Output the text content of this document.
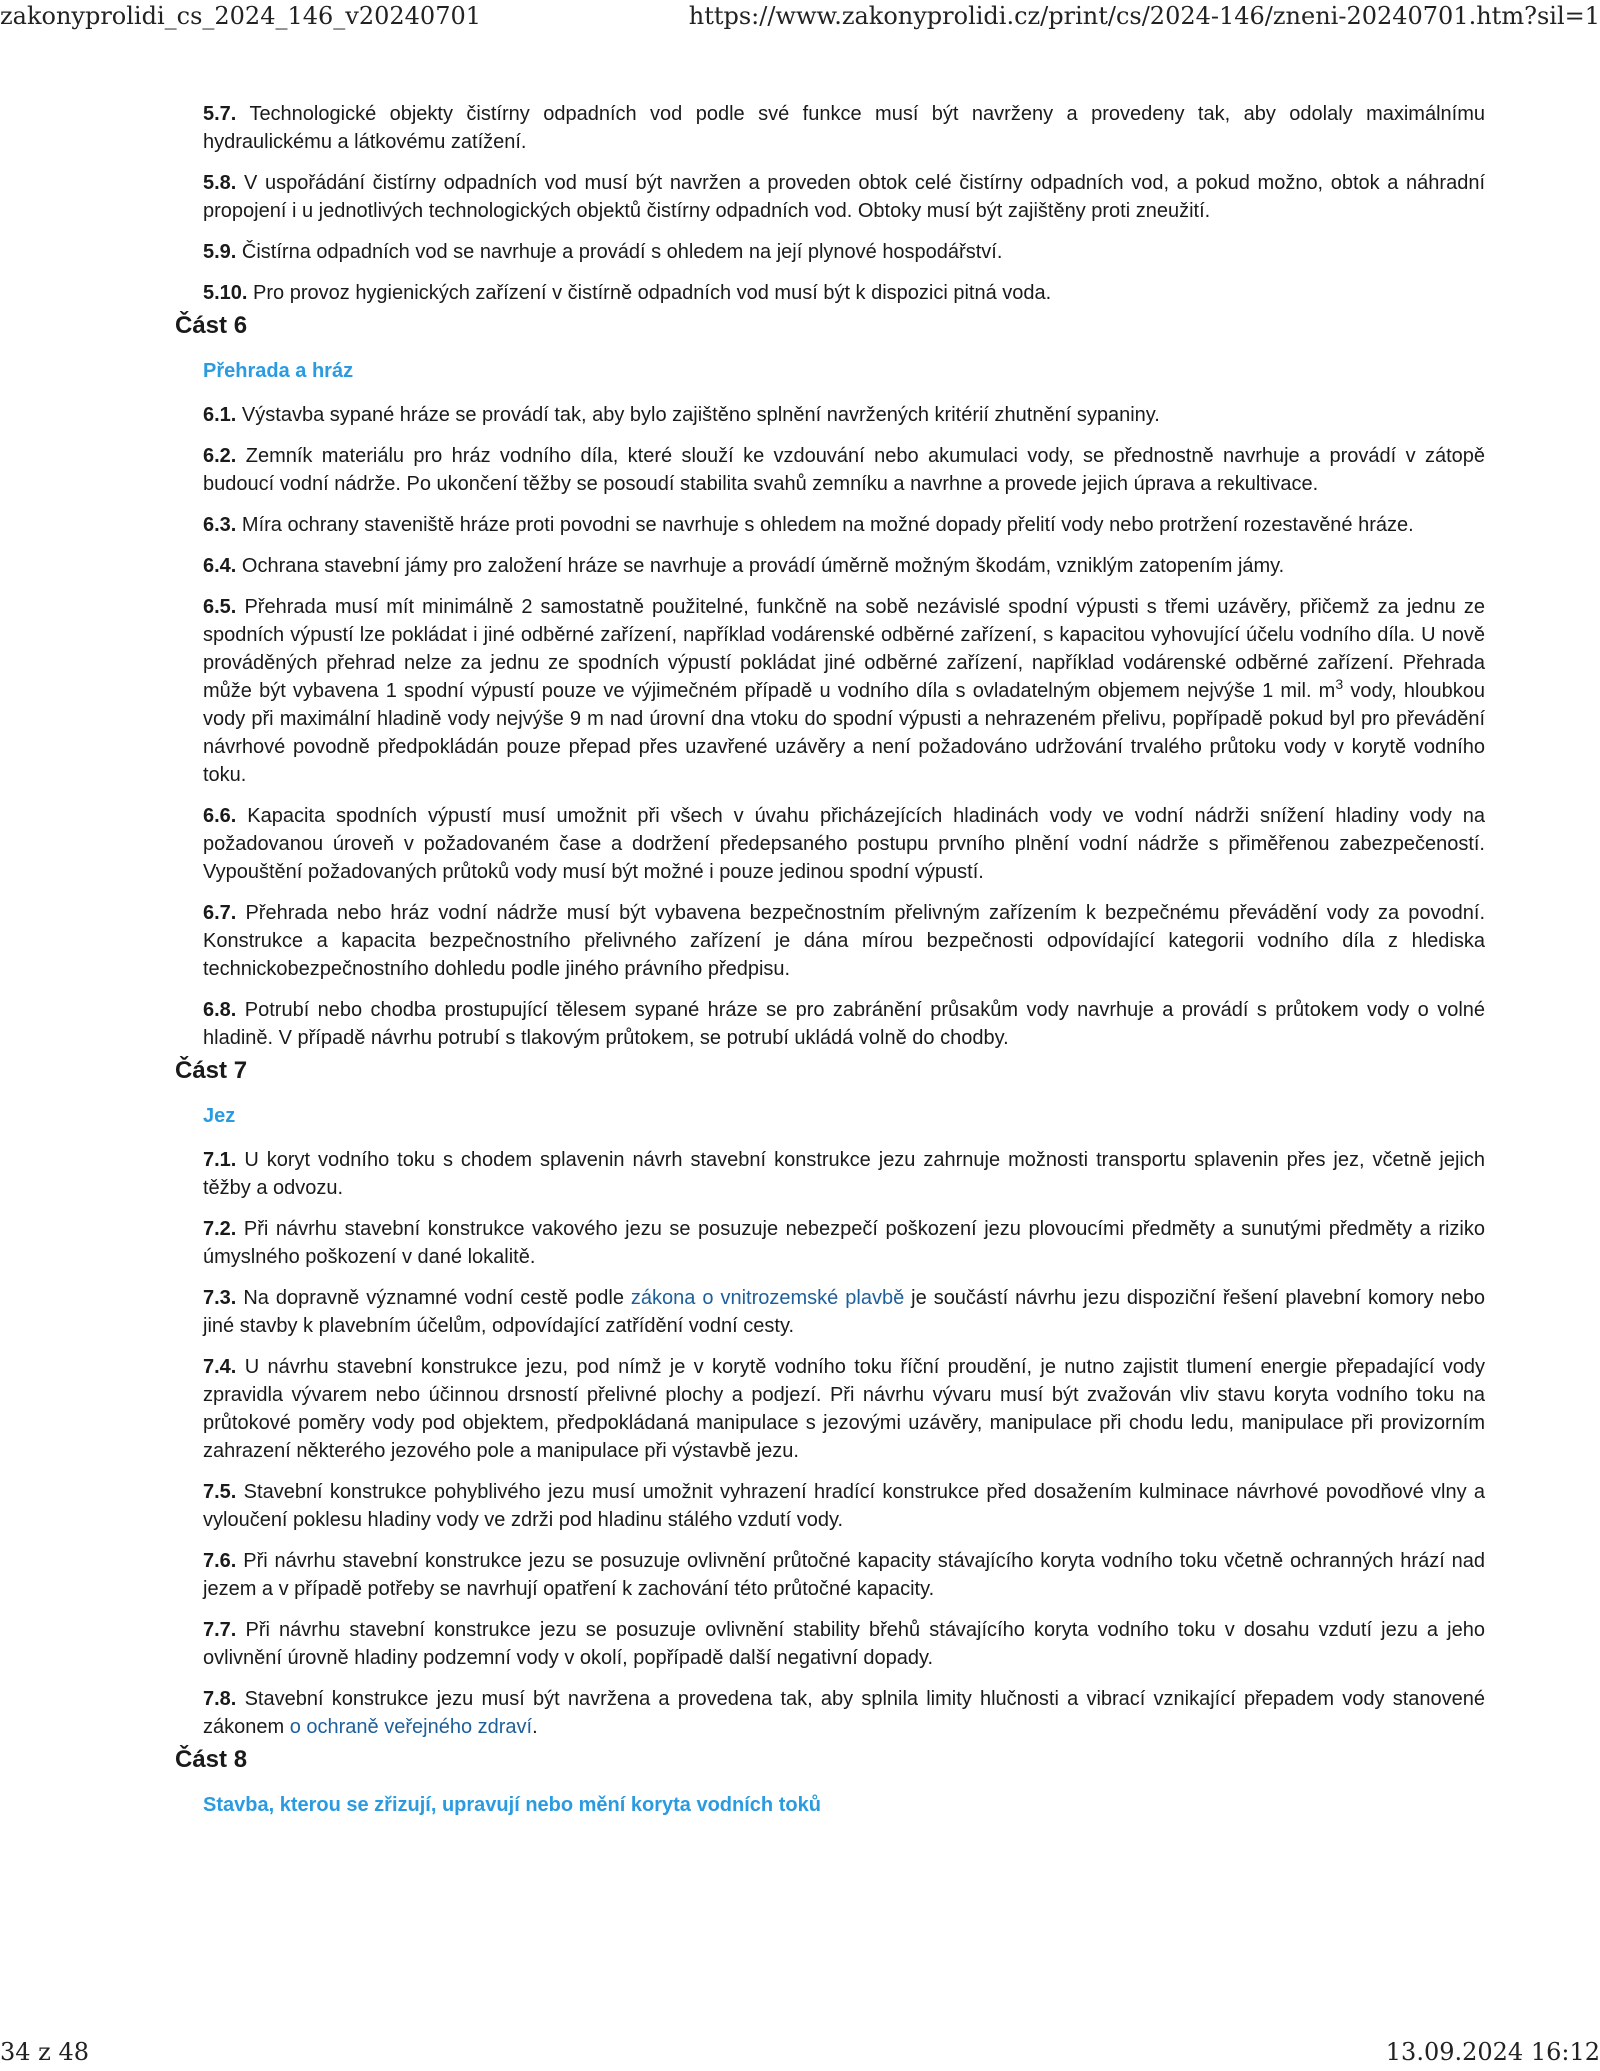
zakonyprolidi_cs_2024_146_v20240701	https://www.zakonyprolidi.cz/print/cs/2024-146/zneni-20240701.htm?sil=1

5.7. Technologické objekty čistírny odpadních vod podle své funkce musí být navrženy a provedeny tak, aby odolaly maximálnímu hydraulickému a látkovému zatížení.

5.8. V uspořádání čistírny odpadních vod musí být navržen a proveden obtok celé čistírny odpadních vod, a pokud možno, obtok a náhradní propojení i u jednotlivých technologických objektů čistírny odpadních vod. Obtoky musí být zajištěny proti zneužití.

5.9. Čistírna odpadních vod se navrhuje a provádí s ohledem na její plynové hospodářství.

5.10. Pro provoz hygienických zařízení v čistírně odpadních vod musí být k dispozici pitná voda.

Část 6
Přehrada a hráz

6.1. Výstavba sypané hráze se provádí tak, aby bylo zajištěno splnění navržených kritérií zhutnění sypaniny.

6.2. Zemník materiálu pro hráz vodního díla, které slouží ke vzdouvání nebo akumulaci vody, se přednostně navrhuje a provádí v zátopě budoucí vodní nádrže. Po ukončení těžby se posoudí stabilita svahů zemníku a navrhne a provede jejich úprava a rekultivace.

6.3. Míra ochrany staveniště hráze proti povodni se navrhuje s ohledem na možné dopady přelití vody nebo protržení rozestavěné hráze.

6.4. Ochrana stavební jámy pro založení hráze se navrhuje a provádí úměrně možným škodám, vzniklým zatopením jámy.

6.5. Přehrada musí mít minimálně 2 samostatně použitelné, funkčně na sobě nezávislé spodní výpusti s třemi uzávěry, přičemž za jednu ze spodních výpustí lze pokládat i jiné odběrné zařízení, například vodárenské odběrné zařízení, s kapacitou vyhovující účelu vodního díla. U nově prováděných přehrad nelze za jednu ze spodních výpustí pokládat jiné odběrné zařízení, například vodárenské odběrné zařízení. Přehrada může být vybavena 1 spodní výpustí pouze ve výjimečném případě u vodního díla s ovladatelným objemem nejvýše 1 mil. $m^3$ vody, hloubkou vody při maximální hladině vody nejvýše 9 m nad úrovní dna vtoku do spodní výpusti a nehrazeném přelivu, popřípadě pokud byl pro převádění návrhové povodně předpokládán pouze přepad přes uzavřené uzávěry a není požadováno udržování trvalého průtoku vody v korytě vodního toku.

6.6. Kapacita spodních výpustí musí umožnit při všech v úvahu přicházejících hladinách vody ve vodní nádrži snížení hladiny vody na požadovanou úroveň v požadovaném čase a dodržení předepsaného postupu prvního plnění vodní nádrže s přiměřenou zabezpečeností. Vypouštění požadovaných průtoků vody musí být možné i pouze jedinou spodní výpustí.

6.7. Přehrada nebo hráz vodní nádrže musí být vybavena bezpečnostním přelivným zařízením k bezpečnému převádění vody za povodní. Konstrukce a kapacita bezpečnostního přelivného zařízení je dána mírou bezpečnosti odpovídající kategorii vodního díla z hlediska technickobezpečnostního dohledu podle jiného právního předpisu.

6.8. Potrubí nebo chodba prostupující tělesem sypané hráze se pro zabránění průsakům vody navrhuje a provádí s průtokem vody o volné hladině. V případě návrhu potrubí s tlakovým průtokem, se potrubí ukládá volně do chodby.

Část 7
Jez

7.1. U koryt vodního toku s chodem splavenin návrh stavební konstrukce jezu zahrnuje možnosti transportu splavenin přes jez, včetně jejich těžby a odvozu.

7.2. Při návrhu stavební konstrukce vakového jezu se posuzuje nebezpečí poškození jezu plovoucími předměty a sunutými předměty a riziko úmyslného poškození v dané lokalitě.

7.3. Na dopravně významné vodní cestě podle zákona o vnitrozemské plavbě je součástí návrhu jezu dispoziční řešení plavební komory nebo jiné stavby k plavebním účelům, odpovídající zatřídění vodní cesty.

7.4. U návrhu stavební konstrukce jezu, pod nímž je v korytě vodního toku říční proudění, je nutno zajistit tlumení energie přepadající vody zpravidla vývarem nebo účinnou drsností přelivné plochy a podjezí. Při návrhu vývaru musí být zvažován vliv stavu koryta vodního toku na průtokové poměry vody pod objektem, předpokládaná manipulace s jezovými uzávěry, manipulace při chodu ledu, manipulace při provizorním zahrazení některého jezového pole a manipulace při výstavbě jezu.

7.5. Stavební konstrukce pohyblivého jezu musí umožnit vyhrazení hradící konstrukce před dosažením kulminace návrhové povodňové vlny a vyloučení poklesu hladiny vody ve zdrži pod hladinu stálého vzdutí vody.

7.6. Při návrhu stavební konstrukce jezu se posuzuje ovlivnění průtočné kapacity stávajícího koryta vodního toku včetně ochranných hrází nad jezem a v případě potřeby se navrhují opatření k zachování této průtočné kapacity.

7.7. Při návrhu stavební konstrukce jezu se posuzuje ovlivnění stability břehů stávajícího koryta vodního toku v dosahu vzdutí jezu a jeho ovlivnění úrovně hladiny podzemní vody v okolí, popřípadě další negativní dopady.

7.8. Stavební konstrukce jezu musí být navržena a provedena tak, aby splnila limity hlučnosti a vibrací vznikající přepadem vody stanovené zákonem o ochraně veřejného zdraví.

Část 8
Stavba, kterou se zřizují, upravují nebo mění koryta vodních toků
34 z 48	13.09.2024 16:12
